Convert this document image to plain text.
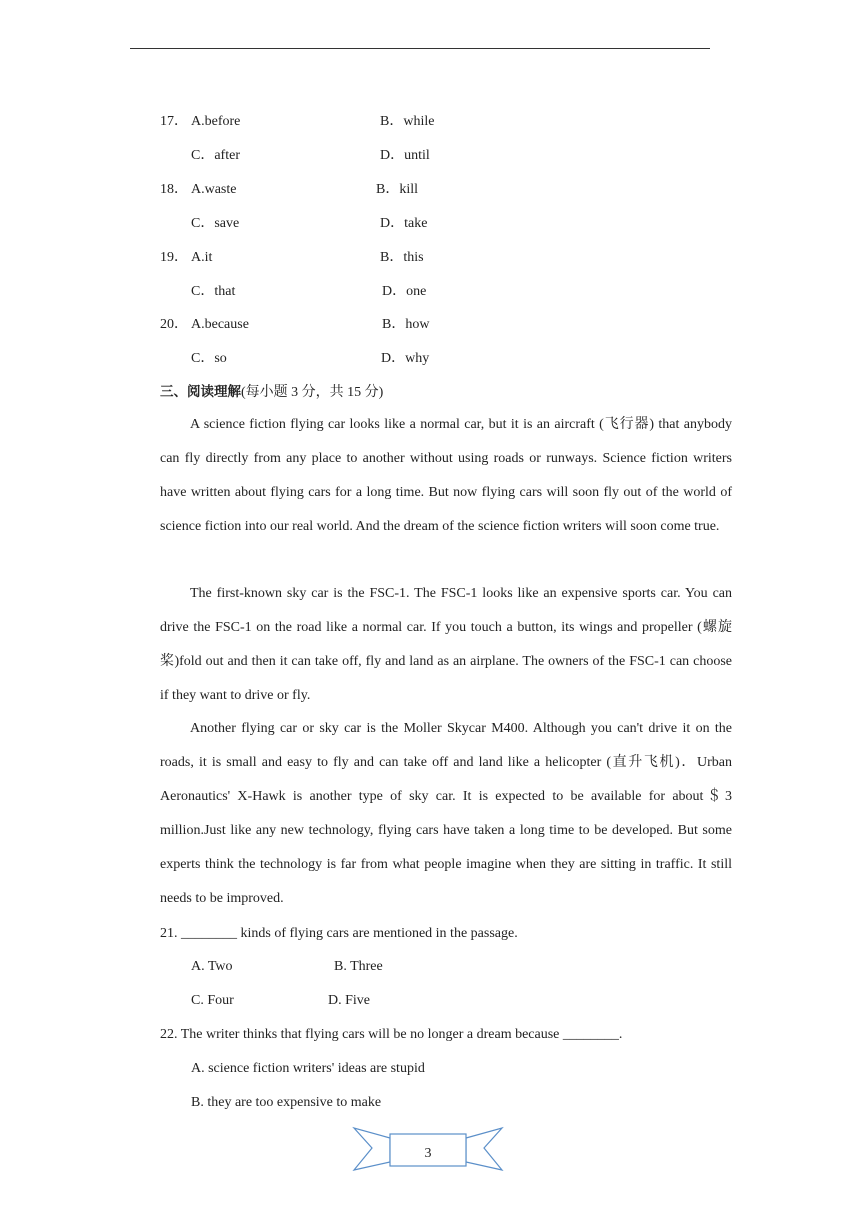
17． A.before	B．while
C．after	D．until
18． A.waste	B．kill
C．save	D．take
19． A.it	B．this
C．that	D．one
20． A.because	B．how
C．so	D．why
三、阅读理解(每小题 3 分，共 15 分)

A science fiction flying car looks like a normal car, but it is an aircraft (飞行器) that anybody can fly directly from any place to another without using roads or runways. Science fiction writers have written about flying cars for a long time. But now flying cars will soon fly out of the world of science fiction into our real world. And the dream of the science fiction writers will soon come true.

The first-known sky car is the FSC-1. The FSC-1 looks like an expensive sports car. You can drive the FSC-1 on the road like a normal car. If you touch a button, its wings and propeller (螺旋桨)fold out and then it can take off, fly and land as an airplane. The owners of the FSC-1 can choose if they want to drive or fly.

Another flying car or sky car is the Moller Skycar M400. Although you can't drive it on the roads, it is small and easy to fly and can take off and land like a helicopter (直升飞机)．Urban Aeronautics' X-Hawk is another type of sky car. It is expected to be available for about＄3 million.Just like any new technology, flying cars have taken a long time to be developed. But some experts think the technology is far from what people imagine when they are sitting in traffic. It still needs to be improved.

21. ________ kinds of flying cars are mentioned in the passage.
A. Two	B. Three
C. Four	D. Five
22. The writer thinks that flying cars will be no longer a dream because ________.
A. science fiction writers' ideas are stupid
B. they are too expensive to make
3
